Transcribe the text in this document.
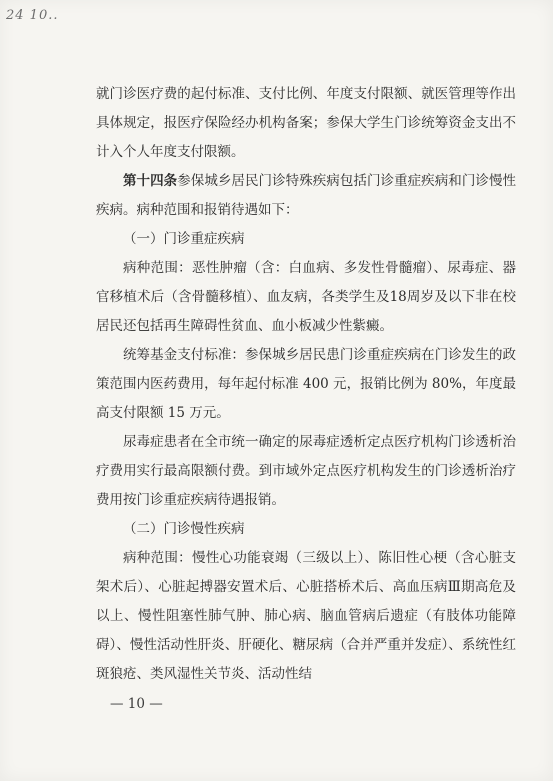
24 10..

就门诊医疗费的起付标准、支付比例、年度支付限额、就医管理等作出具体规定，报医疗保险经办机构备案；参保大学生门诊统筹资金支出不计入个人年度支付限额。

第十四条参保城乡居民门诊特殊疾病包括门诊重症疾病和门诊慢性疾病。病种范围和报销待遇如下：

（一）门诊重症疾病

病种范围：恶性肿瘤（含：白血病、多发性骨髓瘤）、尿毒症、器官移植术后（含骨髓移植）、血友病，各类学生及18周岁及以下非在校居民还包括再生障碍性贫血、血小板减少性紫癜。

统筹基金支付标准：参保城乡居民患门诊重症疾病在门诊发生的政策范围内医药费用，每年起付标准 400 元，报销比例为 80%，年度最高支付限额 15 万元。

尿毒症患者在全市统一确定的尿毒症透析定点医疗机构门诊透析治疗费用实行最高限额付费。到市域外定点医疗机构发生的门诊透析治疗费用按门诊重症疾病待遇报销。

（二）门诊慢性疾病

病种范围：慢性心功能衰竭（三级以上）、陈旧性心梗（含心脏支架术后）、心脏起搏器安置术后、心脏搭桥术后、高血压病Ⅲ期高危及以上、慢性阻塞性肺气肿、肺心病、脑血管病后遗症（有肢体功能障碍）、慢性活动性肝炎、肝硬化、糖尿病（合并严重并发症）、系统性红斑狼疮、类风湿性关节炎、活动性结

— 10 —
